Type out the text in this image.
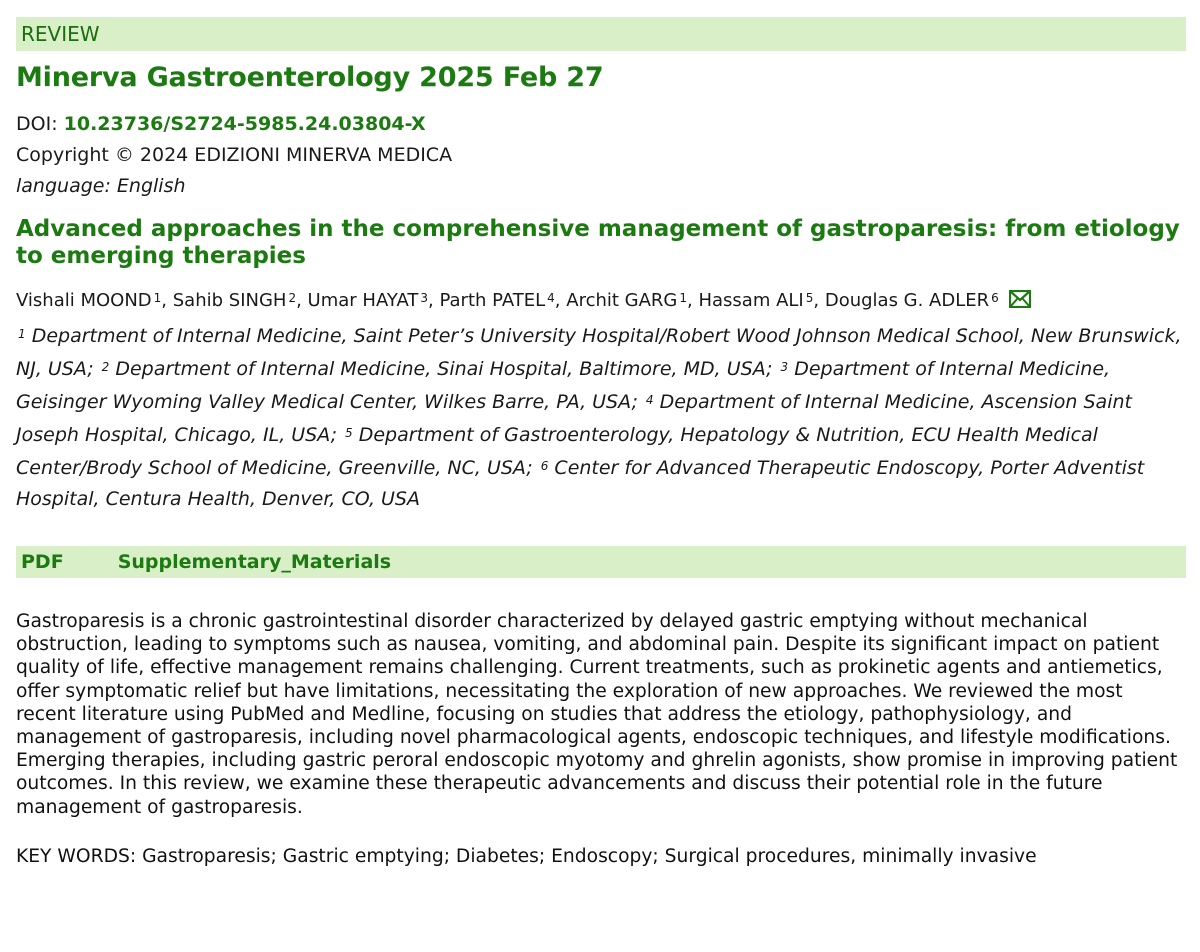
REVIEW
Minerva Gastroenterology 2025 Feb 27
DOI: 10.23736/S2724-5985.24.03804-X
Copyright © 2024 EDIZIONI MINERVA MEDICA
language: English
Advanced approaches in the comprehensive management of gastroparesis: from etiology to emerging therapies
Vishali MOOND $^1$, Sahib SINGH $^2$, Umar HAYAT $^3$, Parth PATEL $^4$, Archit GARG $^1$, Hassam ALI $^5$, Douglas G. ADLER $^6$
$^1$ Department of Internal Medicine, Saint Peter’s University Hospital/Robert Wood Johnson Medical School, New Brunswick, NJ, USA; $^2$ Department of Internal Medicine, Sinai Hospital, Baltimore, MD, USA; $^3$ Department of Internal Medicine, Geisinger Wyoming Valley Medical Center, Wilkes Barre, PA, USA; $^4$ Department of Internal Medicine, Ascension Saint Joseph Hospital, Chicago, IL, USA; $^5$ Department of Gastroenterology, Hepatology & Nutrition, ECU Health Medical Center/Brody School of Medicine, Greenville, NC, USA; $^6$ Center for Advanced Therapeutic Endoscopy, Porter Adventist Hospital, Centura Health, Denver, CO, USA
PDF	Supplementary_Materials
Gastroparesis is a chronic gastrointestinal disorder characterized by delayed gastric emptying without mechanical obstruction, leading to symptoms such as nausea, vomiting, and abdominal pain. Despite its significant impact on patient quality of life, effective management remains challenging. Current treatments, such as prokinetic agents and antiemetics, offer symptomatic relief but have limitations, necessitating the exploration of new approaches. We reviewed the most recent literature using PubMed and Medline, focusing on studies that address the etiology, pathophysiology, and management of gastroparesis, including novel pharmacological agents, endoscopic techniques, and lifestyle modifications. Emerging therapies, including gastric peroral endoscopic myotomy and ghrelin agonists, show promise in improving patient outcomes. In this review, we examine these therapeutic advancements and discuss their potential role in the future management of gastroparesis.
KEY WORDS: Gastroparesis; Gastric emptying; Diabetes; Endoscopy; Surgical procedures, minimally invasive
